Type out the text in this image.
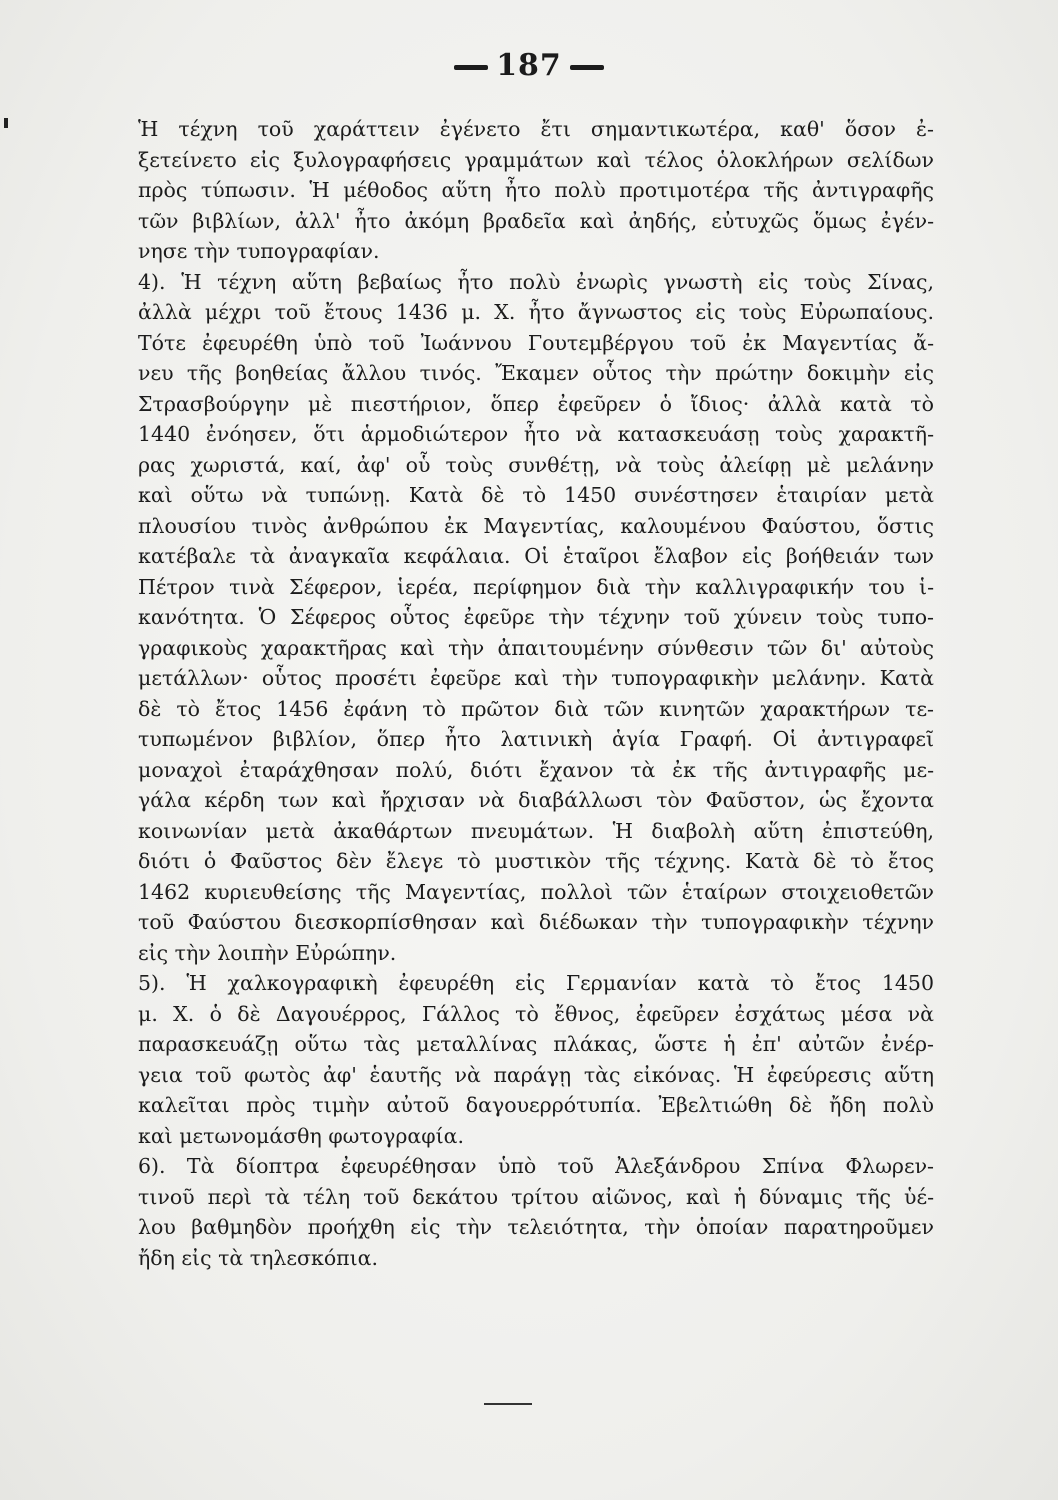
187
Ἡ τέχνη τοῦ χαράττειν ἐγένετο ἔτι σημαντικωτέρα, καθ' ὅσον ἐ-
ξετείνετο εἰς ξυλογραφήσεις γραμμάτων καὶ τέλος ὁλοκλήρων σελίδων
πρὸς τύπωσιν. Ἡ μέθοδος αὕτη ἦτο πολὺ προτιμοτέρα τῆς ἀντιγραφῆς
τῶν βιβλίων, ἀλλ' ἦτο ἀκόμη βραδεῖα καὶ ἀηδής, εὐτυχῶς ὅμως ἐγέν-
νησε τὴν τυπογραφίαν.
4). Ἡ τέχνη αὕτη βεβαίως ἦτο πολὺ ἐνωρὶς γνωστὴ εἰς τοὺς Σίνας,
ἀλλὰ μέχρι τοῦ ἔτους 1436 μ. Χ. ἦτο ἄγνωστος εἰς τοὺς Εὐρωπαίους.
Τότε ἐφευρέθη ὑπὸ τοῦ Ἰωάννου Γουτεμβέργου τοῦ ἐκ Μαγεντίας ἄ-
νευ τῆς βοηθείας ἄλλου τινός. Ἔκαμεν οὗτος τὴν πρώτην δοκιμὴν εἰς
Στρασβούργην μὲ πιεστήριον, ὅπερ ἐφεῦρεν ὁ ἴδιος· ἀλλὰ κατὰ τὸ
1440 ἐνόησεν, ὅτι ἁρμοδιώτερον ἦτο νὰ κατασκευάσῃ τοὺς χαρακτῆ-
ρας χωριστά, καί, ἀφ' οὗ τοὺς συνθέτῃ, νὰ τοὺς ἀλείφῃ μὲ μελάνην
καὶ οὕτω νὰ τυπώνῃ. Κατὰ δὲ τὸ 1450 συνέστησεν ἑταιρίαν μετὰ
πλουσίου τινὸς ἀνθρώπου ἐκ Μαγεντίας, καλουμένου Φαύστου, ὅστις
κατέβαλε τὰ ἀναγκαῖα κεφάλαια. Οἱ ἑταῖροι ἔλαβον εἰς βοήθειάν των
Πέτρον τινὰ Σέφερον, ἱερέα, περίφημον διὰ τὴν καλλιγραφικήν του ἱ-
κανότητα. Ὁ Σέφερος οὗτος ἐφεῦρε τὴν τέχνην τοῦ χύνειν τοὺς τυπο-
γραφικοὺς χαρακτῆρας καὶ τὴν ἀπαιτουμένην σύνθεσιν τῶν δι' αὐτοὺς
μετάλλων· οὗτος προσέτι ἐφεῦρε καὶ τὴν τυπογραφικὴν μελάνην. Κατὰ
δὲ τὸ ἔτος 1456 ἐφάνη τὸ πρῶτον διὰ τῶν κινητῶν χαρακτήρων τε-
τυπωμένον βιβλίον, ὅπερ ἦτο λατινικὴ ἁγία Γραφή. Οἱ ἀντιγραφεῖ
μοναχοὶ ἐταράχθησαν πολύ, διότι ἔχανον τὰ ἐκ τῆς ἀντιγραφῆς με-
γάλα κέρδη των καὶ ἤρχισαν νὰ διαβάλλωσι τὸν Φαῦστον, ὡς ἔχοντα
κοινωνίαν μετὰ ἀκαθάρτων πνευμάτων. Ἡ διαβολὴ αὕτη ἐπιστεύθη,
διότι ὁ Φαῦστος δὲν ἔλεγε τὸ μυστικὸν τῆς τέχνης. Κατὰ δὲ τὸ ἔτος
1462 κυριευθείσης τῆς Μαγεντίας, πολλοὶ τῶν ἑταίρων στοιχειοθετῶν
τοῦ Φαύστου διεσκορπίσθησαν καὶ διέδωκαν τὴν τυπογραφικὴν τέχνην
εἰς τὴν λοιπὴν Εὐρώπην.
5). Ἡ χαλκογραφικὴ ἐφευρέθη εἰς Γερμανίαν κατὰ τὸ ἔτος 1450
μ. Χ. ὁ δὲ Δαγουέρρος, Γάλλος τὸ ἔθνος, ἐφεῦρεν ἐσχάτως μέσα νὰ
παρασκευάζῃ οὕτω τὰς μεταλλίνας πλάκας, ὥστε ἡ ἐπ' αὐτῶν ἐνέρ-
γεια τοῦ φωτὸς ἀφ' ἑαυτῆς νὰ παράγῃ τὰς εἰκόνας. Ἡ ἐφεύρεσις αὕτη
καλεῖται πρὸς τιμὴν αὐτοῦ δαγουερρότυπία. Ἐβελτιώθη δὲ ἤδη πολὺ
καὶ μετωνομάσθη φωτογραφία.
6). Τὰ δίοπτρα ἐφευρέθησαν ὑπὸ τοῦ Ἀλεξάνδρου Σπίνα Φλωρεν-
τινοῦ περὶ τὰ τέλη τοῦ δεκάτου τρίτου αἰῶνος, καὶ ἡ δύναμις τῆς ὑέ-
λου βαθμηδὸν προήχθη εἰς τὴν τελειότητα, τὴν ὁποίαν παρατηροῦμεν
ἤδη εἰς τὰ τηλεσκόπια.
